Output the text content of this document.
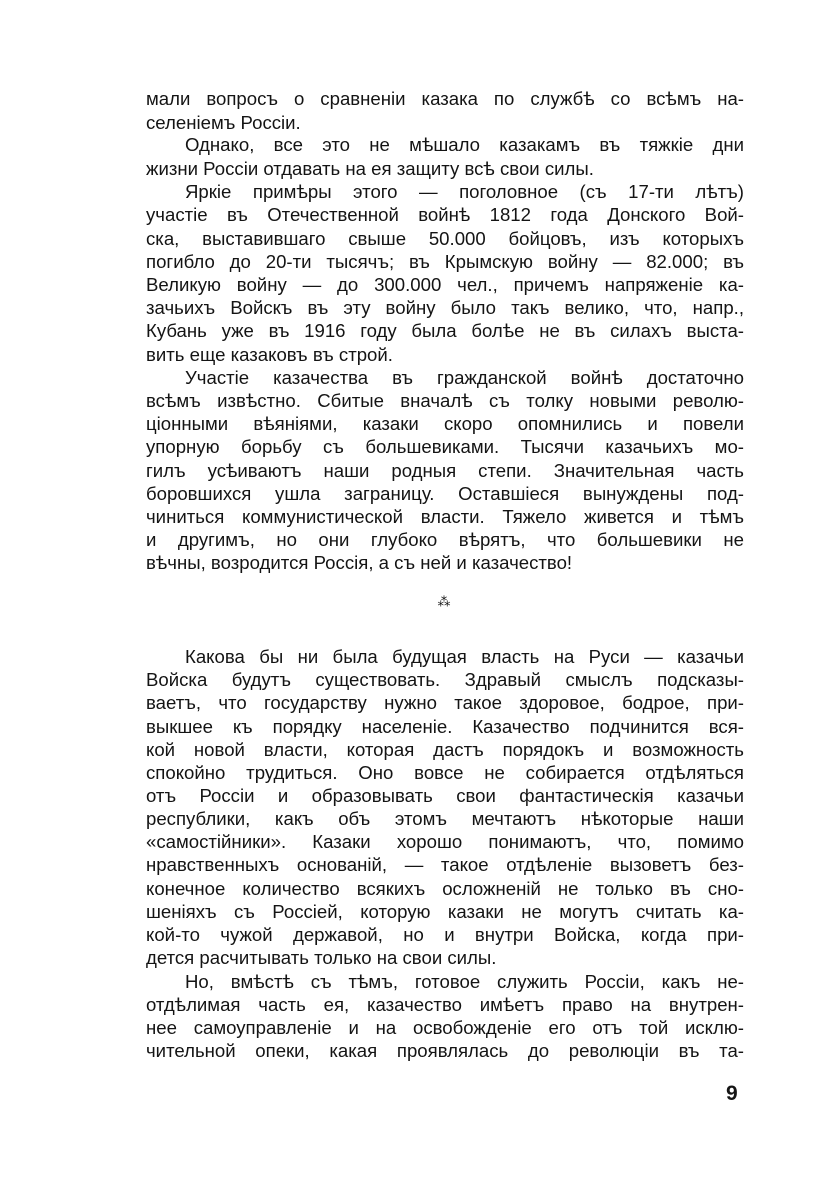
мали вопросъ о сравненіи казака по службѣ со всѣмъ на-
селеніемъ Россіи.
Однако, все это не мѣшало казакамъ въ тяжкіе дни
жизни Россіи отдавать на ея защиту всѣ свои силы.
Яркіе примѣры этого — поголовное (съ 17-ти лѣтъ)
участіе въ Отечественной войнѣ 1812 года Донского Вой-
ска, выставившаго свыше 50.000 бойцовъ, изъ которыхъ
погибло до 20-ти тысячъ; въ Крымскую войну — 82.000; въ
Великую войну — до 300.000 чел., причемъ напряженіе ка-
зачьихъ Войскъ въ эту войну было такъ велико, что, напр.,
Кубань уже въ 1916 году была болѣе не въ силахъ выста-
вить еще казаковъ въ строй.
Участіе казачества въ гражданской войнѣ достаточно
всѣмъ извѣстно. Сбитые вначалѣ съ толку новыми револю-
ціонными вѣяніями, казаки скоро опомнились и повели
упорную борьбу съ большевиками. Тысячи казачьихъ мо-
гилъ усѣиваютъ наши родныя степи. Значительная часть
боровшихся ушла заграницу. Оставшіеся вынуждены под-
чиниться коммунистической власти. Тяжело живется и тѣмъ
и другимъ, но они глубоко вѣрятъ, что большевики не
вѣчны, возродится Россія, а съ ней и казачество!
⁂
Какова бы ни была будущая власть на Руси — казачьи
Войска будутъ существовать. Здравый смыслъ подсказы-
ваетъ, что государству нужно такое здоровое, бодрое, при-
выкшее къ порядку населеніе. Казачество подчинится вся-
кой новой власти, которая дастъ порядокъ и возможность
спокойно трудиться. Оно вовсе не собирается отдѣляться
отъ Россіи и образовывать свои фантастическія казачьи
республики, какъ объ этомъ мечтаютъ нѣкоторые наши
«самостійники». Казаки хорошо понимаютъ, что, помимо
нравственныхъ основаній, — такое отдѣленіе вызоветъ без-
конечное количество всякихъ осложненій не только въ сно-
шеніяхъ съ Россіей, которую казаки не могутъ считать ка-
кой-то чужой державой, но и внутри Войска, когда при-
дется расчитывать только на свои силы.
Но, вмѣстѣ съ тѣмъ, готовое служить Россіи, какъ не-
отдѣлимая часть ея, казачество имѣетъ право на внутрен-
нее самоуправленіе и на освобожденіе его отъ той исклю-
чительной опеки, какая проявлялась до революціи въ та-
9
